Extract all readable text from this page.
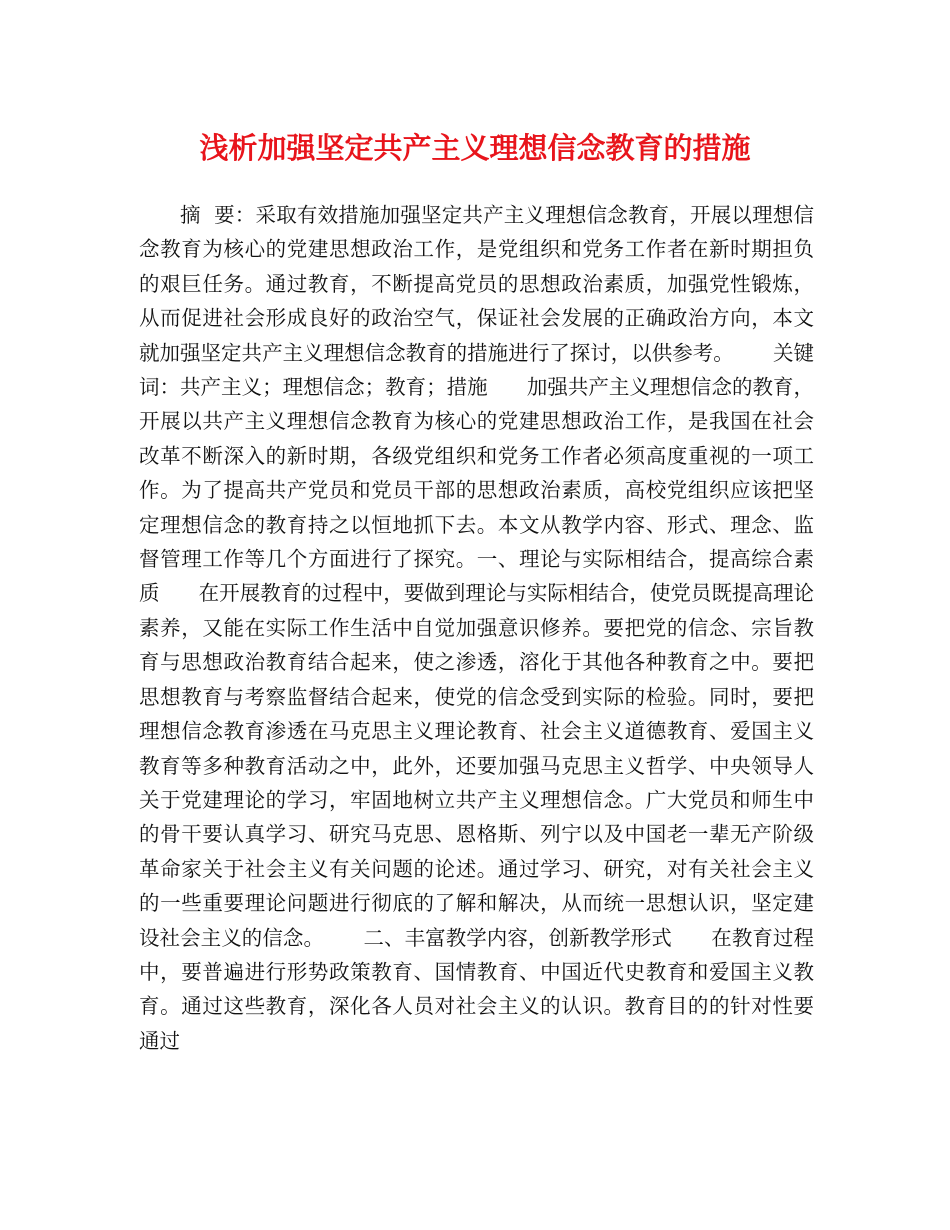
浅析加强坚定共产主义理想信念教育的措施

摘  要：采取有效措施加强坚定共产主义理想信念教育，开展以理想信念教育为核心的党建思想政治工作，是党组织和党务工作者在新时期担负的艰巨任务。通过教育，不断提高党员的思想政治素质，加强党性锻炼，从而促进社会形成良好的政治空气，保证社会发展的正确政治方向，本文就加强坚定共产主义理想信念教育的措施进行了探讨，以供参考。      关键词：共产主义；理想信念；教育；措施      加强共产主义理想信念的教育，开展以共产主义理想信念教育为核心的党建思想政治工作，是我国在社会改革不断深入的新时期，各级党组织和党务工作者必须高度重视的一项工作。为了提高共产党员和党员干部的思想政治素质，高校党组织应该把坚定理想信念的教育持之以恒地抓下去。本文从教学内容、形式、理念、监督管理工作等几个方面进行了探究。一、理论与实际相结合，提高综合素质      在开展教育的过程中，要做到理论与实际相结合，使党员既提高理论素养，又能在实际工作生活中自觉加强意识修养。要把党的信念、宗旨教育与思想政治教育结合起来，使之渗透，溶化于其他各种教育之中。要把思想教育与考察监督结合起来，使党的信念受到实际的检验。同时，要把理想信念教育渗透在马克思主义理论教育、社会主义道德教育、爱国主义教育等多种教育活动之中，此外，还要加强马克思主义哲学、中央领导人关于党建理论的学习，牢固地树立共产主义理想信念。广大党员和师生中的骨干要认真学习、研究马克思、恩格斯、列宁以及中国老一辈无产阶级革命家关于社会主义有关问题的论述。通过学习、研究，对有关社会主义的一些重要理论问题进行彻底的了解和解决，从而统一思想认识，坚定建设社会主义的信念。      二、丰富教学内容，创新教学形式      在教育过程中，要普遍进行形势政策教育、国情教育、中国近代史教育和爱国主义教育。通过这些教育，深化各人员对社会主义的认识。教育目的的针对性要通过
